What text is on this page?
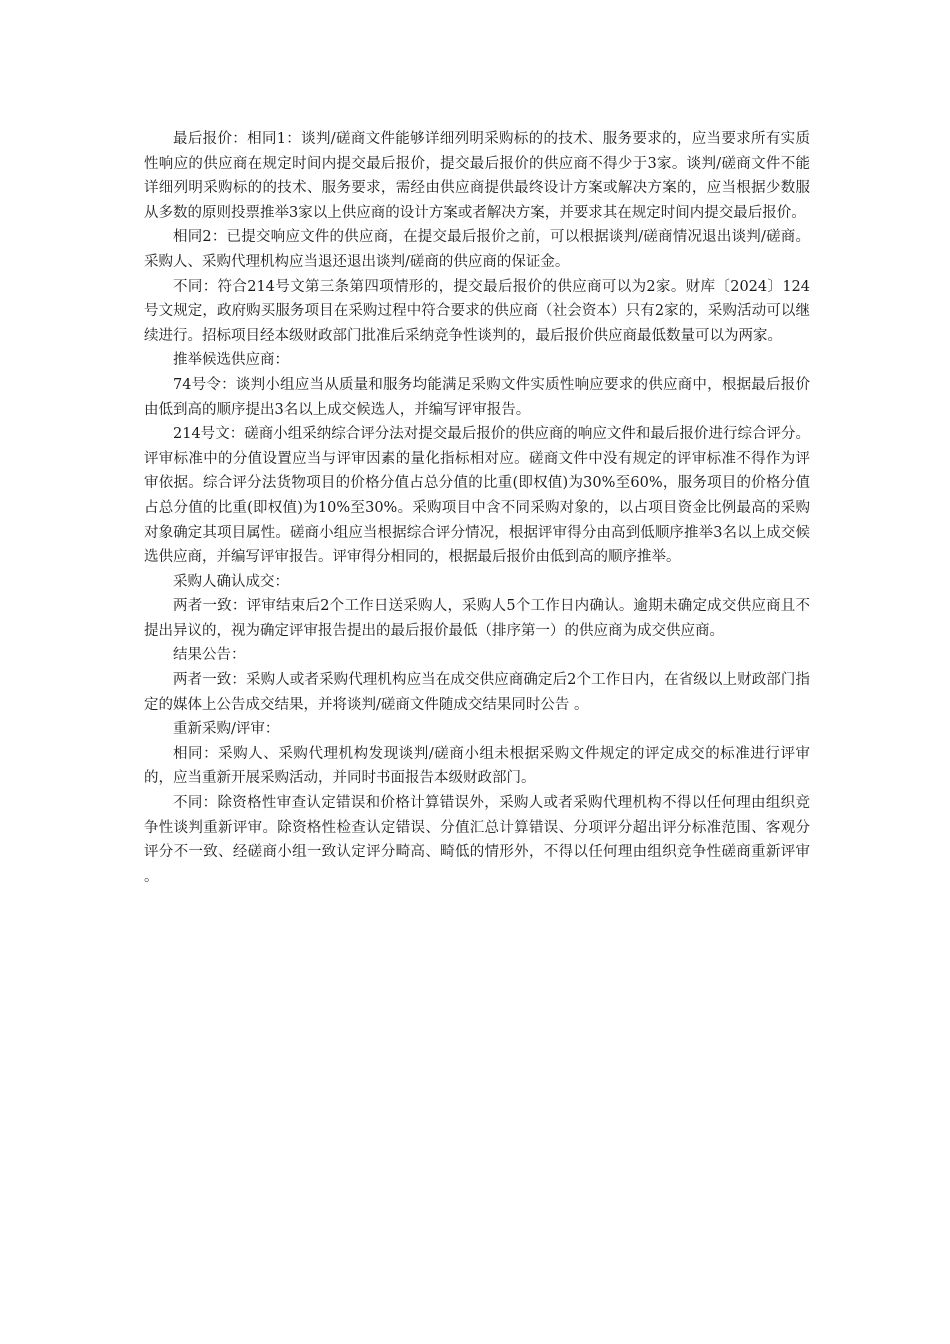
最后报价：相同1：谈判/磋商文件能够详细列明采购标的的技术、服务要求的，应当要求所有实质性响应的供应商在规定时间内提交最后报价，提交最后报价的供应商不得少于3家。谈判/磋商文件不能详细列明采购标的的技术、服务要求，需经由供应商提供最终设计方案或解决方案的，应当根据少数服从多数的原则投票推举3家以上供应商的设计方案或者解决方案，并要求其在规定时间内提交最后报价。

相同2：已提交响应文件的供应商，在提交最后报价之前，可以根据谈判/磋商情况退出谈判/磋商。采购人、采购代理机构应当退还退出谈判/磋商的供应商的保证金。

不同：符合214号文第三条第四项情形的，提交最后报价的供应商可以为2家。财库〔2024〕124号文规定，政府购买服务项目在采购过程中符合要求的供应商（社会资本）只有2家的，采购活动可以继续进行。招标项目经本级财政部门批准后采纳竞争性谈判的，最后报价供应商最低数量可以为两家。

推举候选供应商：

74号令：谈判小组应当从质量和服务均能满足采购文件实质性响应要求的供应商中，根据最后报价由低到高的顺序提出3名以上成交候选人，并编写评审报告。

214号文：磋商小组采纳综合评分法对提交最后报价的供应商的响应文件和最后报价进行综合评分。评审标准中的分值设置应当与评审因素的量化指标相对应。磋商文件中没有规定的评审标准不得作为评审依据。综合评分法货物项目的价格分值占总分值的比重(即权值)为30%至60%，服务项目的价格分值占总分值的比重(即权值)为10%至30%。采购项目中含不同采购对象的，以占项目资金比例最高的采购对象确定其项目属性。磋商小组应当根据综合评分情况，根据评审得分由高到低顺序推举3名以上成交候选供应商，并编写评审报告。评审得分相同的，根据最后报价由低到高的顺序推举。

采购人确认成交：

两者一致：评审结束后2个工作日送采购人，采购人5个工作日内确认。逾期未确定成交供应商且不提出异议的，视为确定评审报告提出的最后报价最低（排序第一）的供应商为成交供应商。

结果公告：

两者一致：采购人或者采购代理机构应当在成交供应商确定后2个工作日内，在省级以上财政部门指定的媒体上公告成交结果，并将谈判/磋商文件随成交结果同时公告 。

重新采购/评审：

相同：采购人、采购代理机构发现谈判/磋商小组未根据采购文件规定的评定成交的标准进行评审的，应当重新开展采购活动，并同时书面报告本级财政部门。

不同：除资格性审查认定错误和价格计算错误外，采购人或者采购代理机构不得以任何理由组织竞争性谈判重新评审。除资格性检查认定错误、分值汇总计算错误、分项评分超出评分标准范围、客观分评分不一致、经磋商小组一致认定评分畸高、畸低的情形外，不得以任何理由组织竞争性磋商重新评审 。
